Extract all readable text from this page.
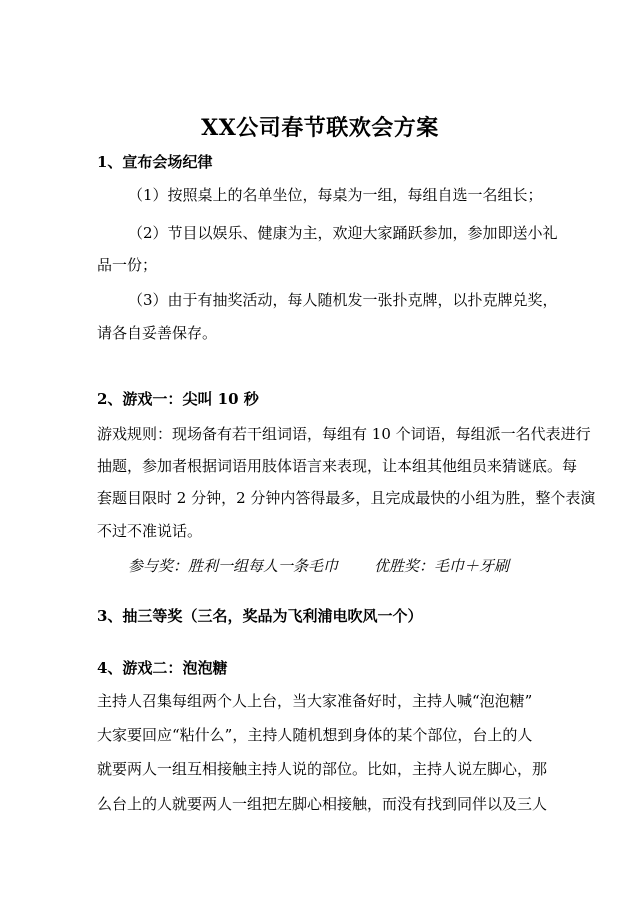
XX公司春节联欢会方案
1、宣布会场纪律
（1）按照桌上的名单坐位，每桌为一组，每组自选一名组长；
（2）节目以娱乐、健康为主，欢迎大家踊跃参加，参加即送小礼
品一份；
（3）由于有抽奖活动，每人随机发一张扑克牌，以扑克牌兑奖，
请各自妥善保存。
2、游戏一：尖叫 10 秒
游戏规则：现场备有若干组词语，每组有 10 个词语，每组派一名代表进行
抽题，参加者根据词语用肢体语言来表现，让本组其他组员来猜谜底。每
套题目限时 2 分钟，2 分钟内答得最多，且完成最快的小组为胜，整个表演
不过不准说话。
参与奖：胜利一组每人一条毛巾 优胜奖：毛巾＋牙刷
3、抽三等奖（三名，奖品为飞利浦电吹风一个）
4、游戏二：泡泡糖
主持人召集每组两个人上台，当大家准备好时，主持人喊“泡泡糖”
大家要回应“粘什么”，主持人随机想到身体的某个部位，台上的人
就要两人一组互相接触主持人说的部位。比如，主持人说左脚心，那
么台上的人就要两人一组把左脚心相接触，而没有找到同伴以及三人
